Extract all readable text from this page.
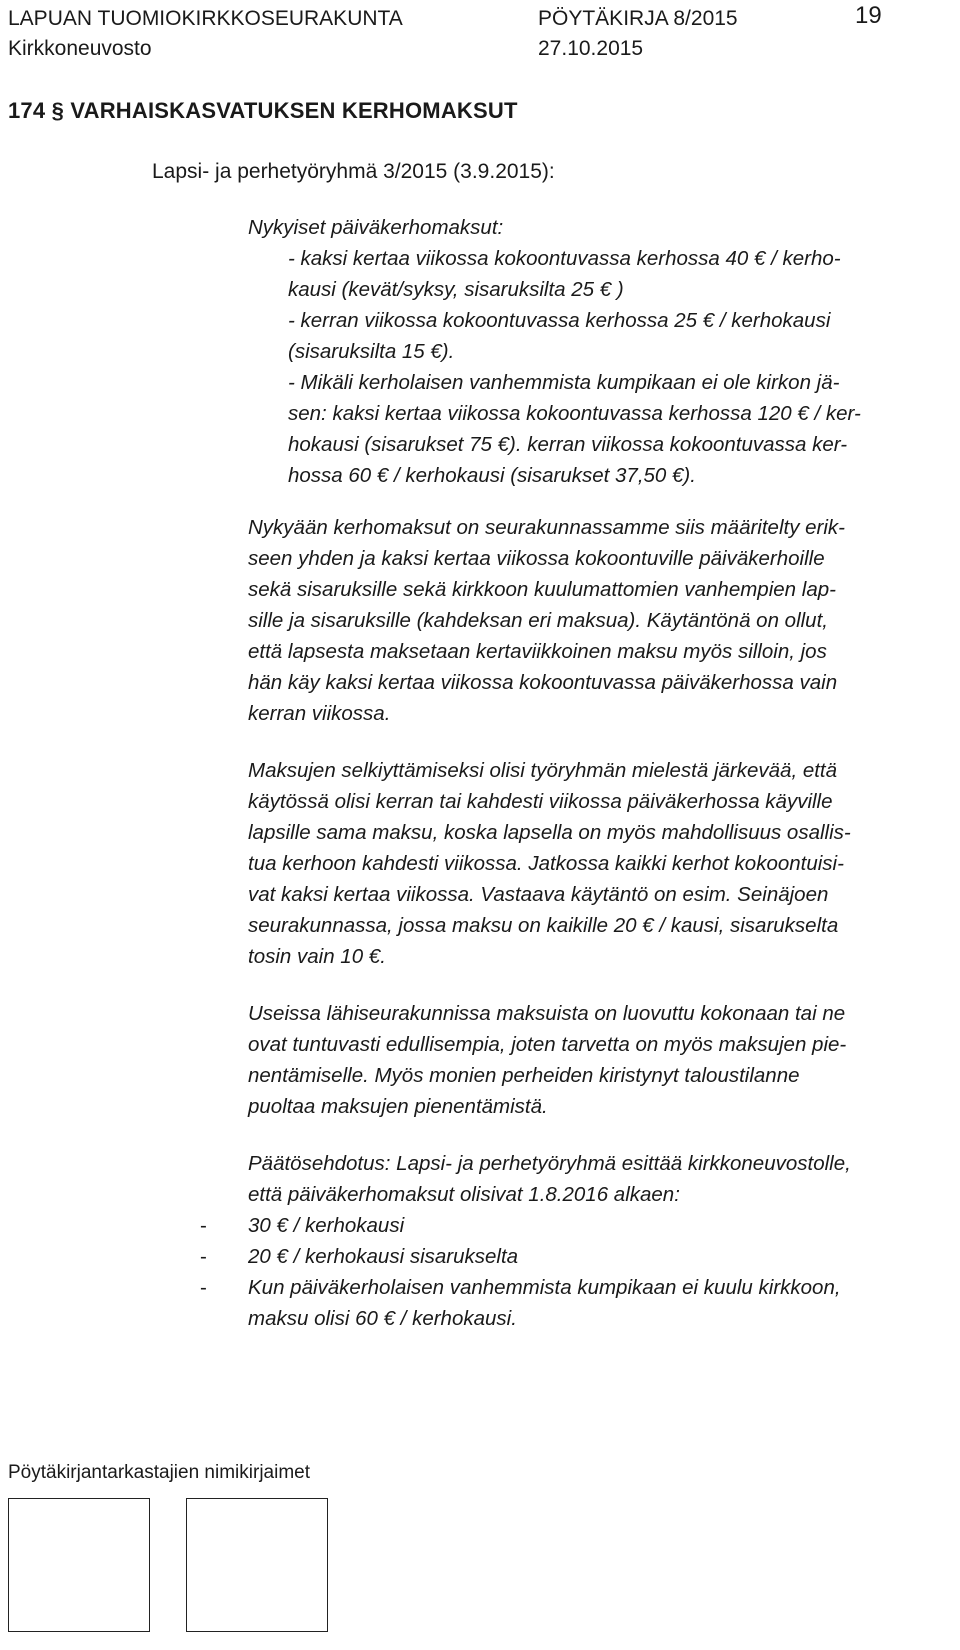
LAPUAN TUOMIOKIRKKOSEURAKUNTA	PÖYTÄKIRJA 8/2015
Kirkkoneuvosto	27.10.2015
19
174 § VARHAISKASVATUKSEN KERHOMAKSUT
Lapsi- ja perhetyöryhmä 3/2015 (3.9.2015):
Nykyiset päiväkerhomaksut:
- kaksi kertaa viikossa kokoontuvassa kerhossa 40 € / kerho-
kausi (kevät/syksy, sisaruksilta 25 € )
- kerran viikossa kokoontuvassa kerhossa 25 € / kerhokausi
(sisaruksilta 15 €).
- Mikäli kerholaisen vanhemmista kumpikaan ei ole kirkon jä-
sen: kaksi kertaa viikossa kokoontuvassa kerhossa 120 € / ker-
hokausi (sisarukset 75 €). kerran viikossa kokoontuvassa ker-
hossa 60 € / kerhokausi (sisarukset 37,50 €).
Nykyään kerhomaksut on seurakunnassamme siis määritelty erik-
seen yhden ja kaksi kertaa viikossa kokoontuville päiväkerhoille
sekä sisaruksille sekä kirkkoon kuulumattomien vanhempien lap-
sille ja sisaruksille (kahdeksan eri maksua). Käytäntönä on ollut,
että lapsesta maksetaan kertaviikkoinen maksu myös silloin, jos
hän käy kaksi kertaa viikossa kokoontuvassa päiväkerhossa vain
kerran viikossa.
Maksujen selkiyttämiseksi olisi työryhmän mielestä järkevää, että
käytössä olisi kerran tai kahdesti viikossa päiväkerhossa käyville
lapsille sama maksu, koska lapsella on myös mahdollisuus osallis-
tua kerhoon kahdesti viikossa. Jatkossa kaikki kerhot kokoontuisi-
vat kaksi kertaa viikossa. Vastaava käytäntö on esim. Seinäjoen
seurakunnassa, jossa maksu on kaikille 20 € / kausi, sisarukselta
tosin vain 10 €.
Useissa lähiseurakunnissa maksuista on luovuttu kokonaan tai ne
ovat tuntuvasti edullisempia, joten tarvetta on myös maksujen pie-
nentämiselle. Myös monien perheiden kiristynyt taloustilanne
puoltaa maksujen pienentämistä.
Päätösehdotus: Lapsi- ja perhetyöryhmä esittää kirkkoneuvostolle,
että päiväkerhomaksut olisivat 1.8.2016 alkaen:
- 30 € / kerhokausi
- 20 € / kerhokausi sisarukselta
- Kun päiväkerholaisen vanhemmista kumpikaan ei kuulu kirkkoon,
maksu olisi 60 € / kerhokausi.
Pöytäkirjantarkastajien nimikirjaimet
